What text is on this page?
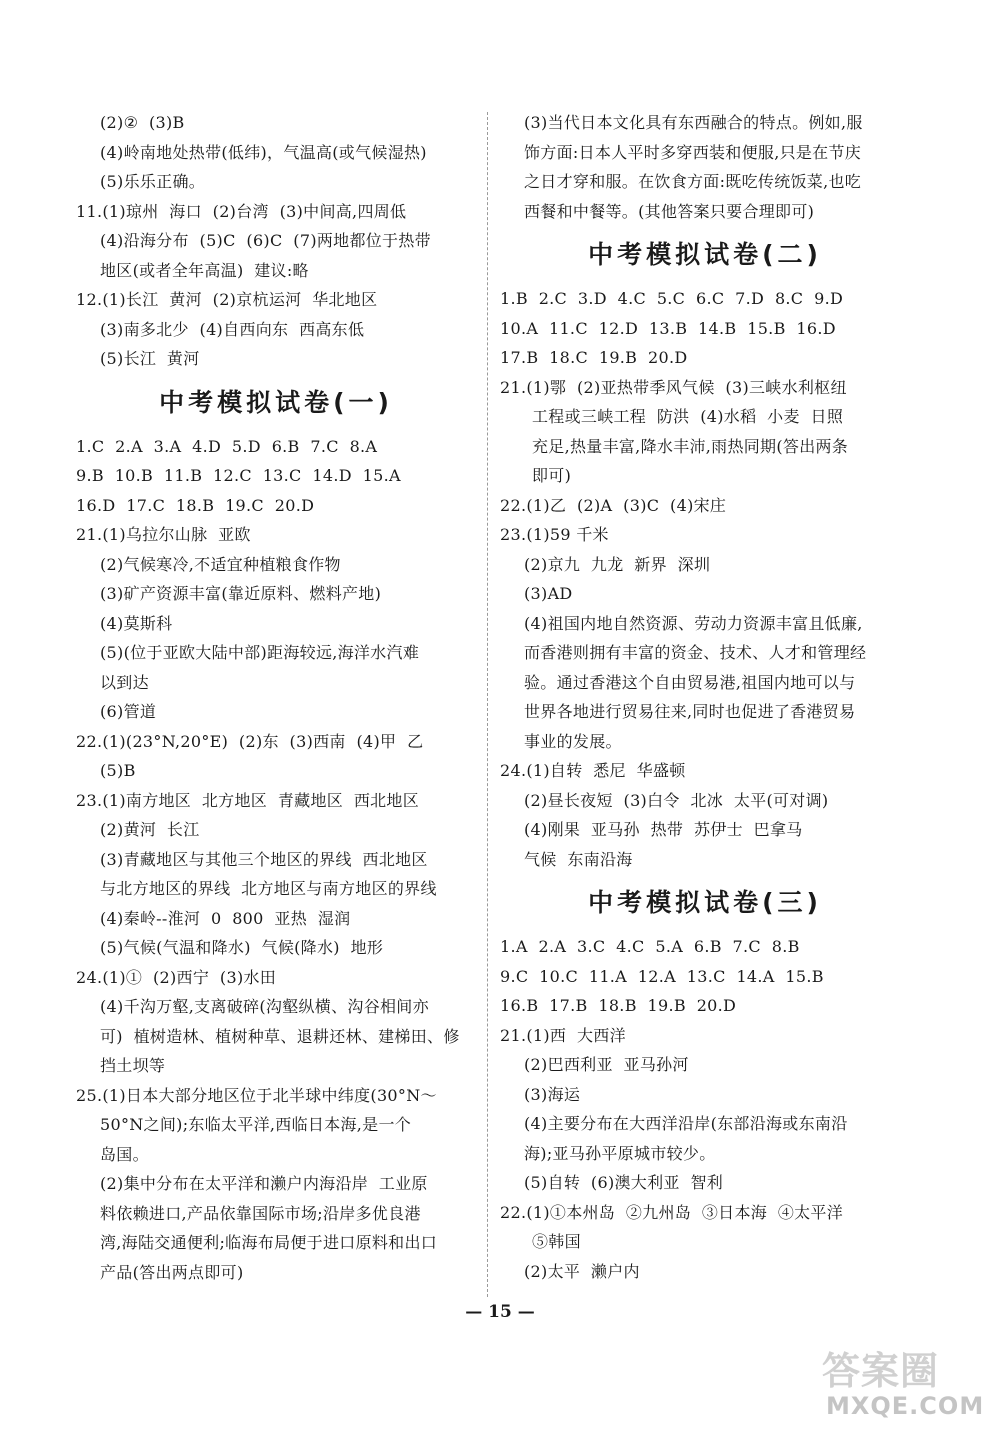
(2)②  (3)B
(4)岭南地处热带(低纬)，气温高(或气候湿热)
(5)乐乐正确。
11.(1)琼州  海口  (2)台湾  (3)中间高,四周低
(4)沿海分布  (5)C  (6)C  (7)两地都位于热带
地区(或者全年高温)  建议:略
12.(1)长江  黄河  (2)京杭运河  华北地区
(3)南多北少  (4)自西向东  西高东低
(5)长江  黄河
中考模拟试卷(一)
1.C  2.A  3.A  4.D  5.D  6.B  7.C  8.A
9.B  10.B  11.B  12.C  13.C  14.D  15.A
16.D  17.C  18.B  19.C  20.D
21.(1)乌拉尔山脉  亚欧
(2)气候寒冷,不适宜种植粮食作物
(3)矿产资源丰富(靠近原料、燃料产地)
(4)莫斯科
(5)(位于亚欧大陆中部)距海较远,海洋水汽难
以到达
(6)管道
22.(1)(23°N,20°E)  (2)东  (3)西南  (4)甲  乙
(5)B
23.(1)南方地区  北方地区  青藏地区  西北地区
(2)黄河  长江
(3)青藏地区与其他三个地区的界线  西北地区
与北方地区的界线  北方地区与南方地区的界线
(4)秦岭--淮河  0  800  亚热  湿润
(5)气候(气温和降水)  气候(降水)  地形
24.(1)①  (2)西宁  (3)水田
(4)千沟万壑,支离破碎(沟壑纵横、沟谷相间亦
可)  植树造林、植树种草、退耕还林、建梯田、修
挡土坝等
25.(1)日本大部分地区位于北半球中纬度(30°N～
50°N之间);东临太平洋,西临日本海,是一个
岛国。
(2)集中分布在太平洋和濑户内海沿岸  工业原
料依赖进口,产品依靠国际市场;沿岸多优良港
湾,海陆交通便利;临海布局便于进口原料和出口
产品(答出两点即可)
(3)当代日本文化具有东西融合的特点。例如,服
饰方面:日本人平时多穿西装和便服,只是在节庆
之日才穿和服。在饮食方面:既吃传统饭菜,也吃
西餐和中餐等。(其他答案只要合理即可)
中考模拟试卷(二)
1.B  2.C  3.D  4.C  5.C  6.C  7.D  8.C  9.D
10.A  11.C  12.D  13.B  14.B  15.B  16.D
17.B  18.C  19.B  20.D
21.(1)鄂  (2)亚热带季风气候  (3)三峡水利枢纽
工程或三峡工程  防洪  (4)水稻  小麦  日照
充足,热量丰富,降水丰沛,雨热同期(答出两条
即可)
22.(1)乙  (2)A  (3)C  (4)宋庄
23.(1)59 千米
(2)京九  九龙  新界  深圳
(3)AD
(4)祖国内地自然资源、劳动力资源丰富且低廉,
而香港则拥有丰富的资金、技术、人才和管理经
验。通过香港这个自由贸易港,祖国内地可以与
世界各地进行贸易往来,同时也促进了香港贸易
事业的发展。
24.(1)自转  悉尼  华盛顿
(2)昼长夜短  (3)白令  北冰  太平(可对调)
(4)刚果  亚马孙  热带  苏伊士  巴拿马
气候  东南沿海
中考模拟试卷(三)
1.A  2.A  3.C  4.C  5.A  6.B  7.C  8.B
9.C  10.C  11.A  12.A  13.C  14.A  15.B
16.B  17.B  18.B  19.B  20.D
21.(1)西  大西洋
(2)巴西利亚  亚马孙河
(3)海运
(4)主要分布在大西洋沿岸(东部沿海或东南沿
海);亚马孙平原城市较少。
(5)自转  (6)澳大利亚  智利
22.(1)①本州岛  ②九州岛  ③日本海  ④太平洋
⑤韩国
(2)太平  濑户内
— 15 —
答案圈
MXQE.COM
